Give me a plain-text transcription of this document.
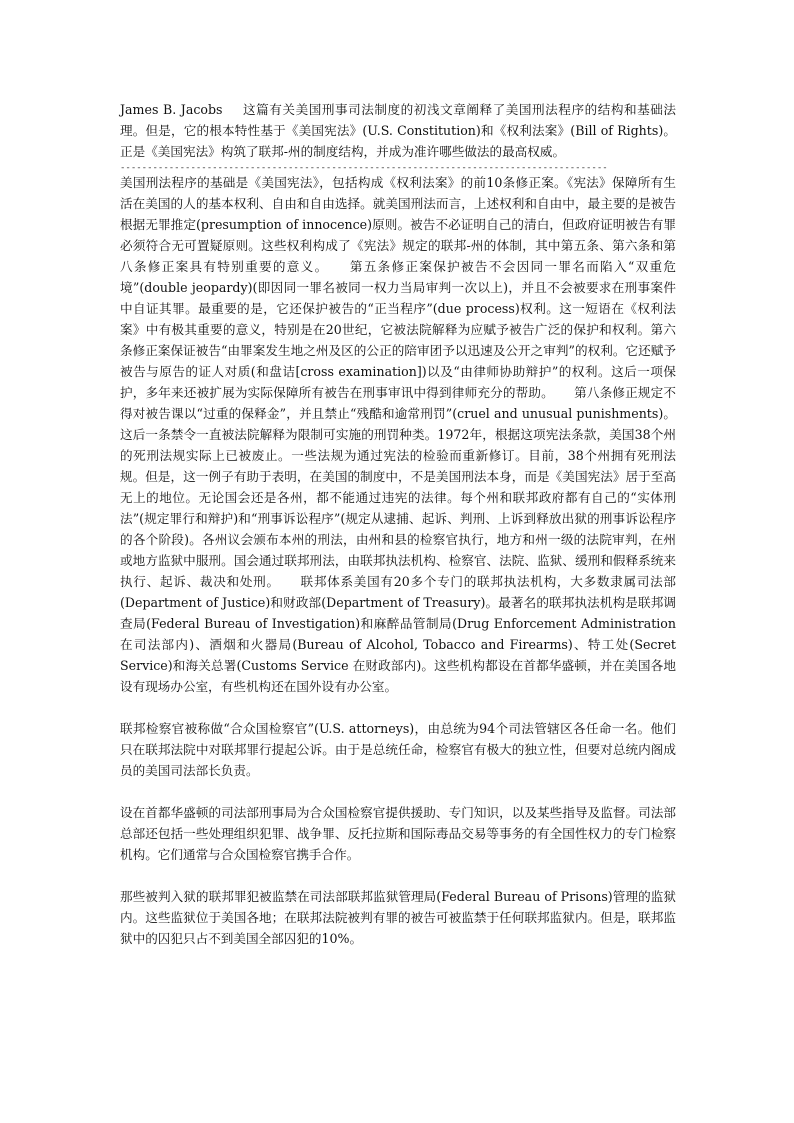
James B. Jacobs 这篇有关美国刑事司法制度的初浅文章阐释了美国刑法程序的结构和基础法理。但是，它的根本特性基于《美国宪法》(U.S. Constitution)和《权利法案》(Bill of Rights)。正是《美国宪法》构筑了联邦-州的制度结构，并成为准许哪些做法的最高权威。

------------------------------------------------------------------------------------------

美国刑法程序的基础是《美国宪法》，包括构成《权利法案》的前10条修正案。《宪法》保障所有生活在美国的人的基本权利、自由和自由选择。就美国刑法而言，上述权利和自由中，最主要的是被告根据无罪推定(presumption of innocence)原则。被告不必证明自己的清白，但政府证明被告有罪必须符合无可置疑原则。这些权利构成了《宪法》规定的联邦-州的体制，其中第五条、第六条和第八条修正案具有特别重要的意义。 第五条修正案保护被告不会因同一罪名而陷入“双重危境”(double jeopardy)(即因同一罪名被同一权力当局审判一次以上)，并且不会被要求在刑事案件中自证其罪。最重要的是，它还保护被告的“正当程序”(due process)权利。这一短语在《权利法案》中有极其重要的意义，特别是在20世纪，它被法院解释为应赋予被告广泛的保护和权利。第六条修正案保证被告“由罪案发生地之州及区的公正的陪审团予以迅速及公开之审判”的权利。它还赋予被告与原告的证人对质(和盘诘[cross examination])以及“由律师协助辩护”的权利。这后一项保护，多年来还被扩展为实际保障所有被告在刑事审讯中得到律师充分的帮助。 第八条修正规定不得对被告课以“过重的保释金”，并且禁止“残酷和逾常刑罚”(cruel and unusual punishments)。这后一条禁令一直被法院解释为限制可实施的刑罚种类。1972年，根据这项宪法条款，美国38个州的死刑法规实际上已被废止。一些法规为通过宪法的检验而重新修订。目前，38个州拥有死刑法规。但是，这一例子有助于表明，在美国的制度中，不是美国刑法本身，而是《美国宪法》居于至高无上的地位。无论国会还是各州，都不能通过违宪的法律。每个州和联邦政府都有自己的“实体刑法”(规定罪行和辩护)和“刑事诉讼程序”(规定从逮捕、起诉、判刑、上诉到释放出狱的刑事诉讼程序的各个阶段)。各州议会颁布本州的刑法，由州和县的检察官执行，地方和州一级的法院审判，在州或地方监狱中服刑。国会通过联邦刑法，由联邦执法机构、检察官、法院、监狱、缓刑和假释系统来执行、起诉、裁决和处刑。 联邦体系美国有20多个专门的联邦执法机构，大多数隶属司法部(Department of Justice)和财政部(Department of Treasury)。最著名的联邦执法机构是联邦调查局(Federal Bureau of Investigation)和麻醉品管制局(Drug Enforcement Administration 在司法部内)、酒烟和火器局(Bureau of Alcohol, Tobacco and Firearms)、特工处(Secret Service)和海关总署(Customs Service 在财政部内)。这些机构都设在首都华盛顿，并在美国各地设有现场办公室，有些机构还在国外设有办公室。

联邦检察官被称做“合众国检察官”(U.S. attorneys)，由总统为94个司法管辖区各任命一名。他们只在联邦法院中对联邦罪行提起公诉。由于是总统任命，检察官有极大的独立性，但要对总统内阁成员的美国司法部长负责。

设在首都华盛顿的司法部刑事局为合众国检察官提供援助、专门知识，以及某些指导及监督。司法部总部还包括一些处理组织犯罪、战争罪、反托拉斯和国际毒品交易等事务的有全国性权力的专门检察机构。它们通常与合众国检察官携手合作。

那些被判入狱的联邦罪犯被监禁在司法部联邦监狱管理局(Federal Bureau of Prisons)管理的监狱内。这些监狱位于美国各地；在联邦法院被判有罪的被告可被监禁于任何联邦监狱内。但是，联邦监狱中的囚犯只占不到美国全部囚犯的10%。
